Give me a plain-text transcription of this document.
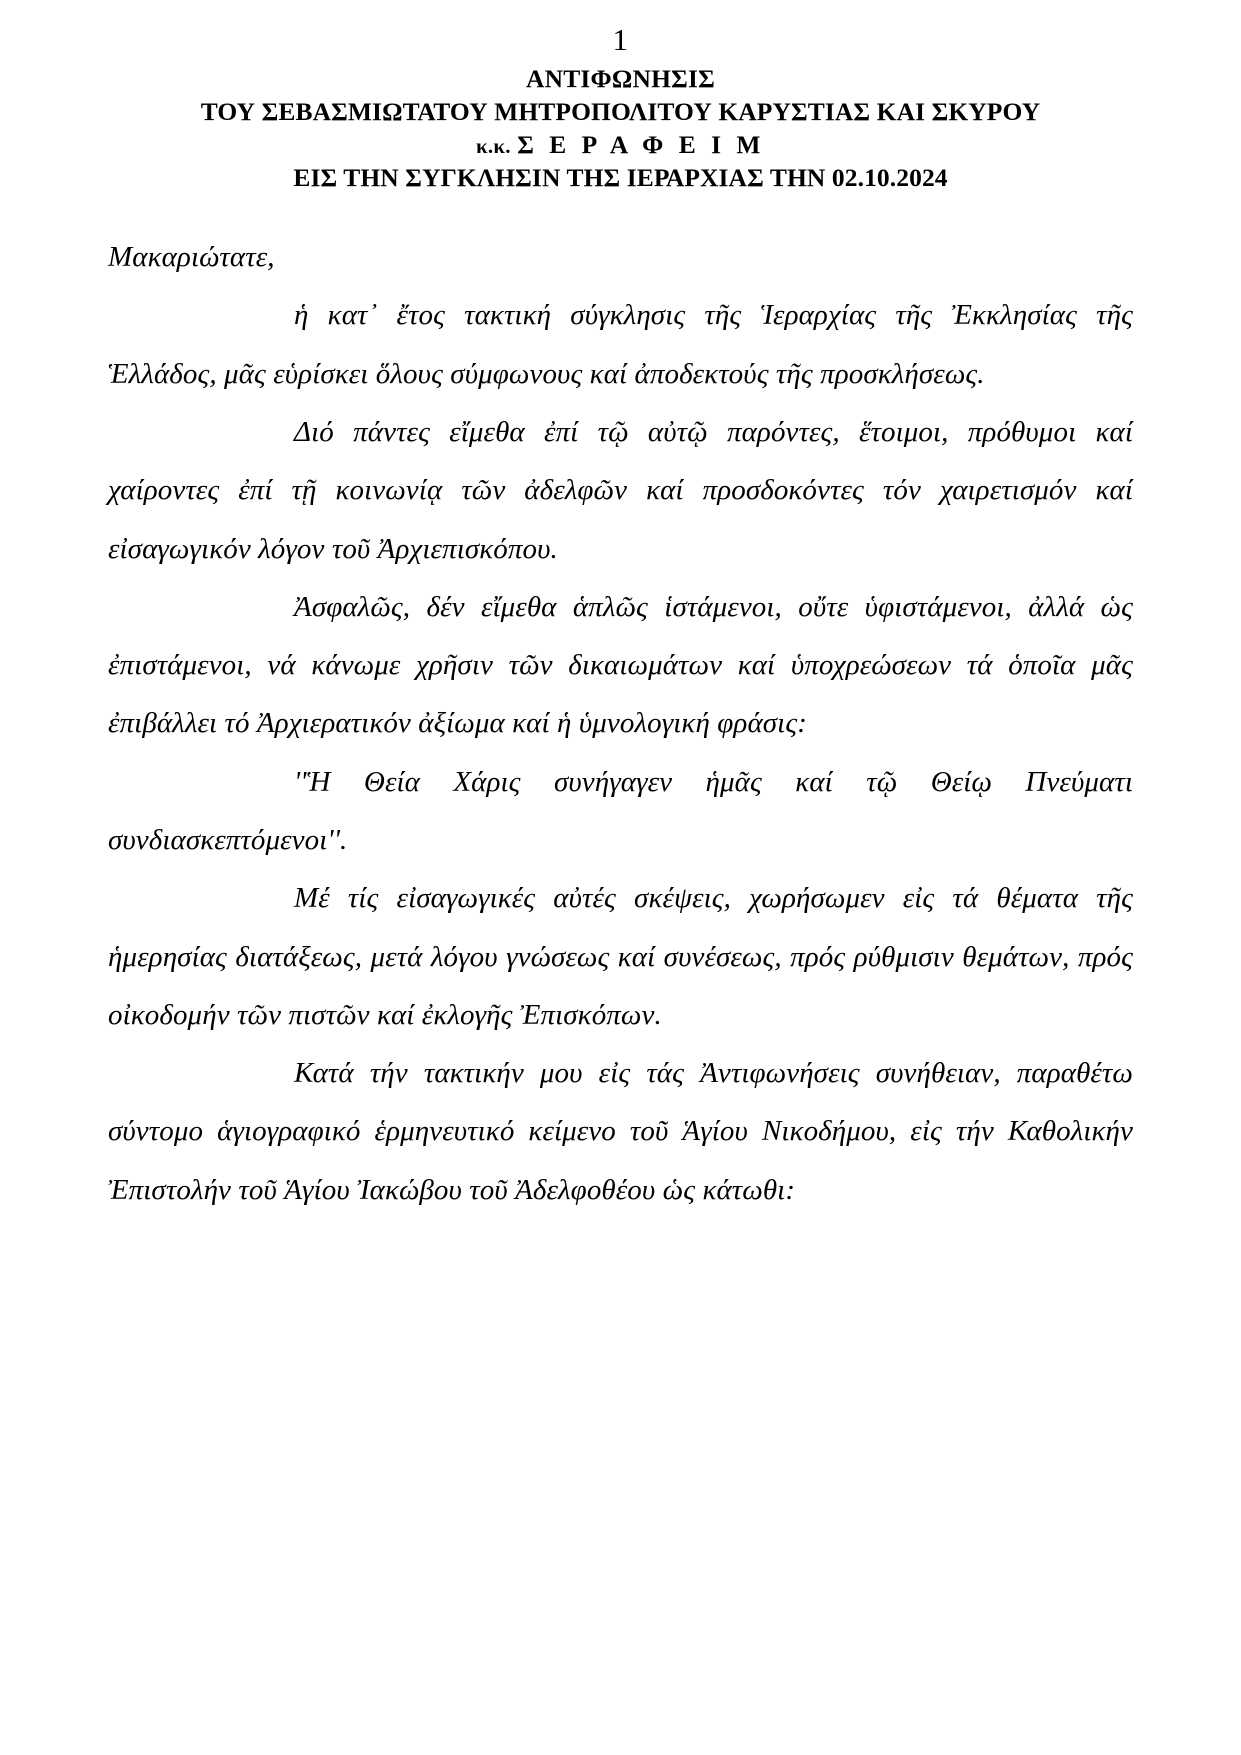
1
ΑΝΤΙΦΩΝΗΣΙΣ
ΤΟΥ ΣΕΒΑΣΜΙΩΤΑΤΟΥ ΜΗΤΡΟΠΟΛΙΤΟΥ ΚΑΡΥΣΤΙΑΣ ΚΑΙ ΣΚΥΡΟΥ
κ.κ. Σ Ε Ρ Α Φ Ε Ι Μ
ΕΙΣ ΤΗΝ ΣΥΓΚΛΗΣΙΝ ΤΗΣ ΙΕΡΑΡΧΙΑΣ ΤΗΝ 02.10.2024

Μακαριώτατε,

ἡ κατ᾽ ἔτος τακτική σύγκλησις τῆς Ἱεραρχίας τῆς Ἐκκλησίας τῆς Ἑλλάδος, μᾶς εὑρίσκει ὅλους σύμφωνους καί ἀποδεκτούς τῆς προσκλήσεως.

Διό πάντες εἴμεθα ἐπί τῷ αὐτῷ παρόντες, ἕτοιμοι, πρόθυμοι καί χαίροντες ἐπί τῇ κοινωνίᾳ τῶν ἀδελφῶν καί προσδοκόντες τόν χαιρετισμόν καί εἰσαγωγικόν λόγον τοῦ Ἀρχιεπισκόπου.

Ἀσφαλῶς, δέν εἴμεθα ἁπλῶς ἱστάμενοι, οὔτε ὑφιστάμενοι, ἀλλά ὡς ἐπιστάμενοι, νά κάνωμε χρῆσιν τῶν δικαιωμάτων καί ὑποχρεώσεων τά ὁποῖα μᾶς ἐπιβάλλει τό Ἀρχιερατικόν ἀξίωμα καί ἡ ὑμνολογική φράσις:

''Ἡ Θεία Χάρις συνήγαγεν ἡμᾶς καί τῷ Θείῳ Πνεύματι συνδιασκεπτόμενοι''.

Μέ τίς εἰσαγωγικές αὐτές σκέψεις, χωρήσωμεν εἰς τά θέματα τῆς ἡμερησίας διατάξεως, μετά λόγου γνώσεως καί συνέσεως, πρός ρύθμισιν θεμάτων, πρός οἰκοδομήν τῶν πιστῶν καί ἐκλογῆς Ἐπισκόπων.

Κατά τήν τακτικήν μου εἰς τάς Ἀντιφωνήσεις συνήθειαν, παραθέτω σύντομο ἁγιογραφικό ἑρμηνευτικό κείμενο τοῦ Ἁγίου Νικοδήμου, εἰς τήν Καθολικήν Ἐπιστολήν τοῦ Ἁγίου Ἰακώβου τοῦ Ἀδελφοθέου ὡς κάτωθι:
